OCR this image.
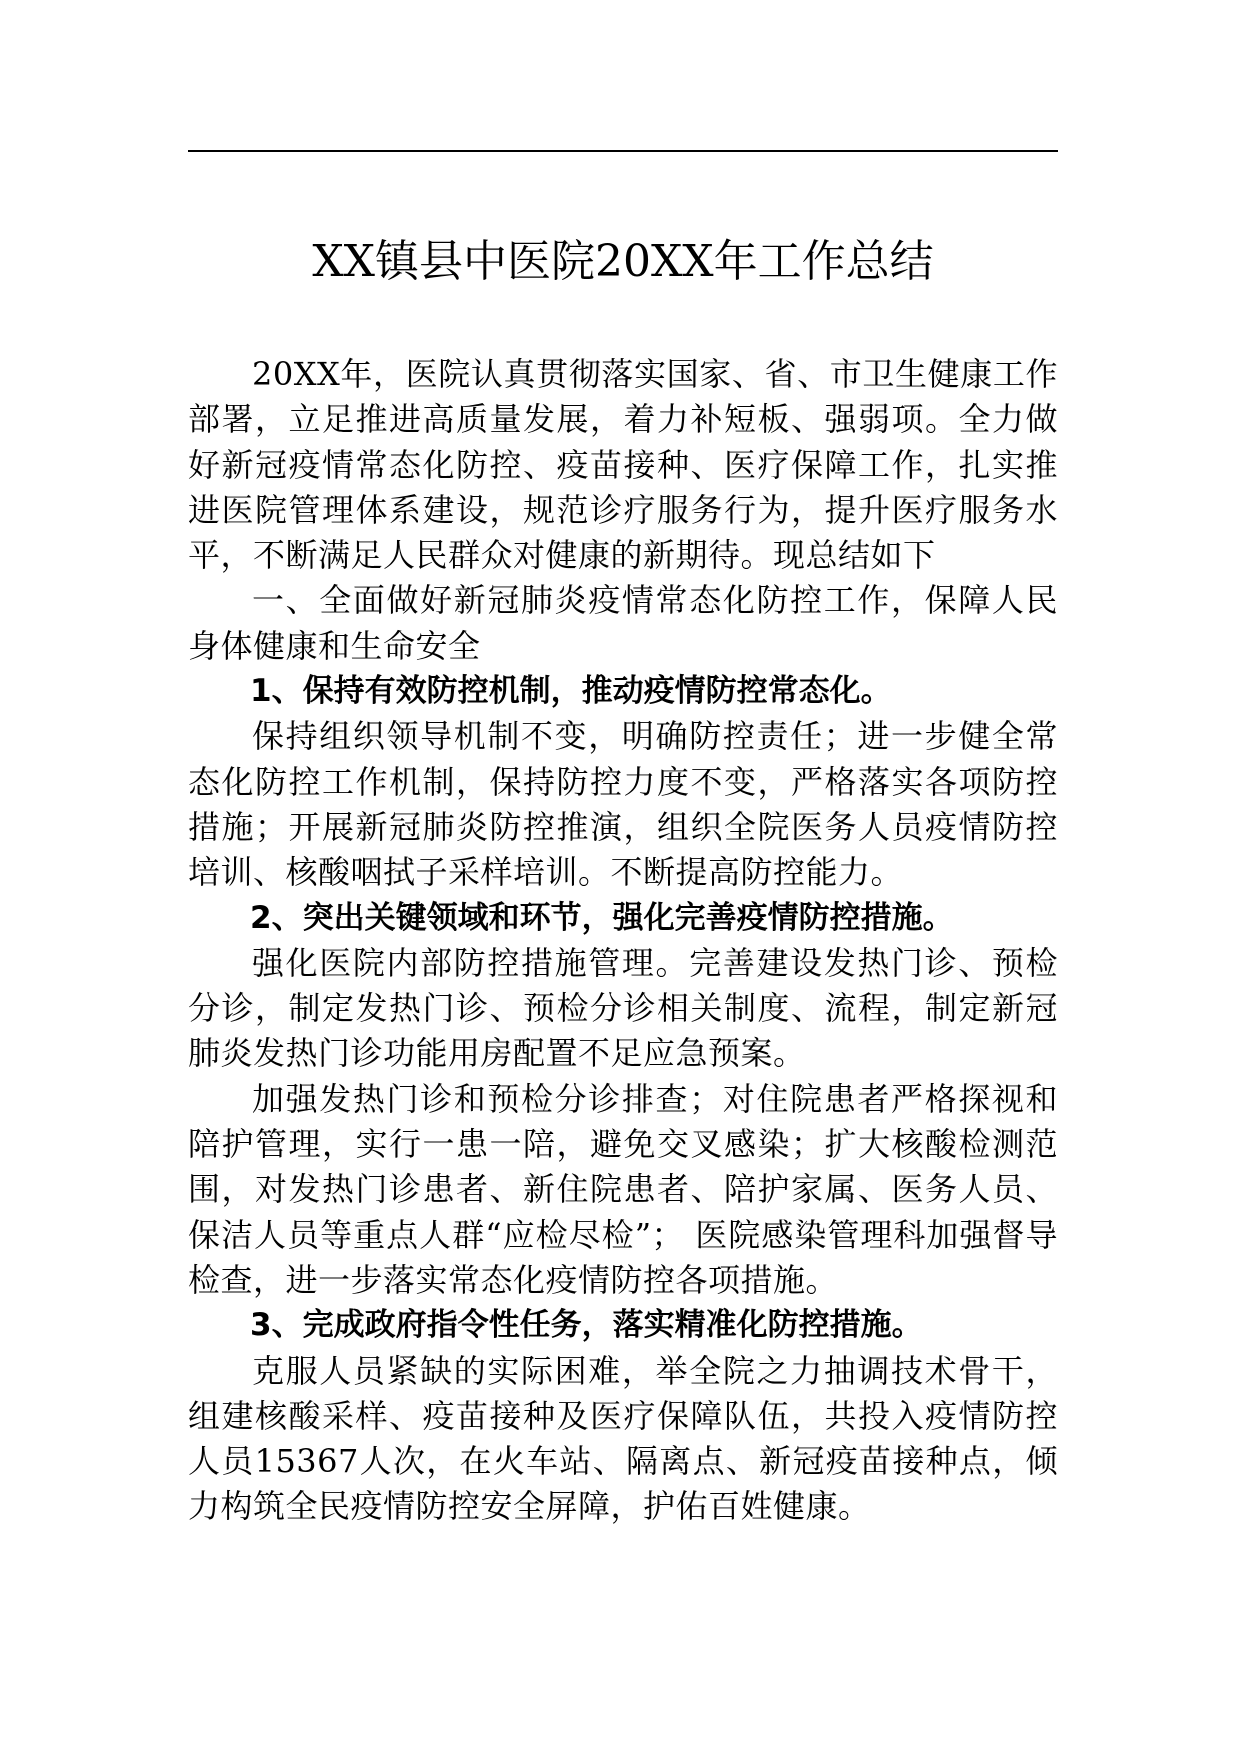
XX镇县中医院20XX年工作总结

20XX年，医院认真贯彻落实国家、省、市卫生健康工作部署，立足推进高质量发展，着力补短板、强弱项。全力做好新冠疫情常态化防控、疫苗接种、医疗保障工作，扎实推进医院管理体系建设，规范诊疗服务行为，提升医疗服务水平，不断满足人民群众对健康的新期待。现总结如下

一、全面做好新冠肺炎疫情常态化防控工作，保障人民身体健康和生命安全

1、保持有效防控机制，推动疫情防控常态化。

保持组织领导机制不变，明确防控责任；进一步健全常态化防控工作机制，保持防控力度不变，严格落实各项防控措施；开展新冠肺炎防控推演，组织全院医务人员疫情防控培训、核酸咽拭子采样培训。不断提高防控能力。

2、突出关键领域和环节，强化完善疫情防控措施。

强化医院内部防控措施管理。完善建设发热门诊、预检分诊，制定发热门诊、预检分诊相关制度、流程，制定新冠肺炎发热门诊功能用房配置不足应急预案。

加强发热门诊和预检分诊排查；对住院患者严格探视和陪护管理，实行一患一陪，避免交叉感染；扩大核酸检测范围，对发热门诊患者、新住院患者、陪护家属、医务人员、保洁人员等重点人群“应检尽检”； 医院感染管理科加强督导检查，进一步落实常态化疫情防控各项措施。

3、完成政府指令性任务，落实精准化防控措施。

克服人员紧缺的实际困难，举全院之力抽调技术骨干，组建核酸采样、疫苗接种及医疗保障队伍，共投入疫情防控人员15367人次，在火车站、隔离点、新冠疫苗接种点，倾力构筑全民疫情防控安全屏障，护佑百姓健康。
